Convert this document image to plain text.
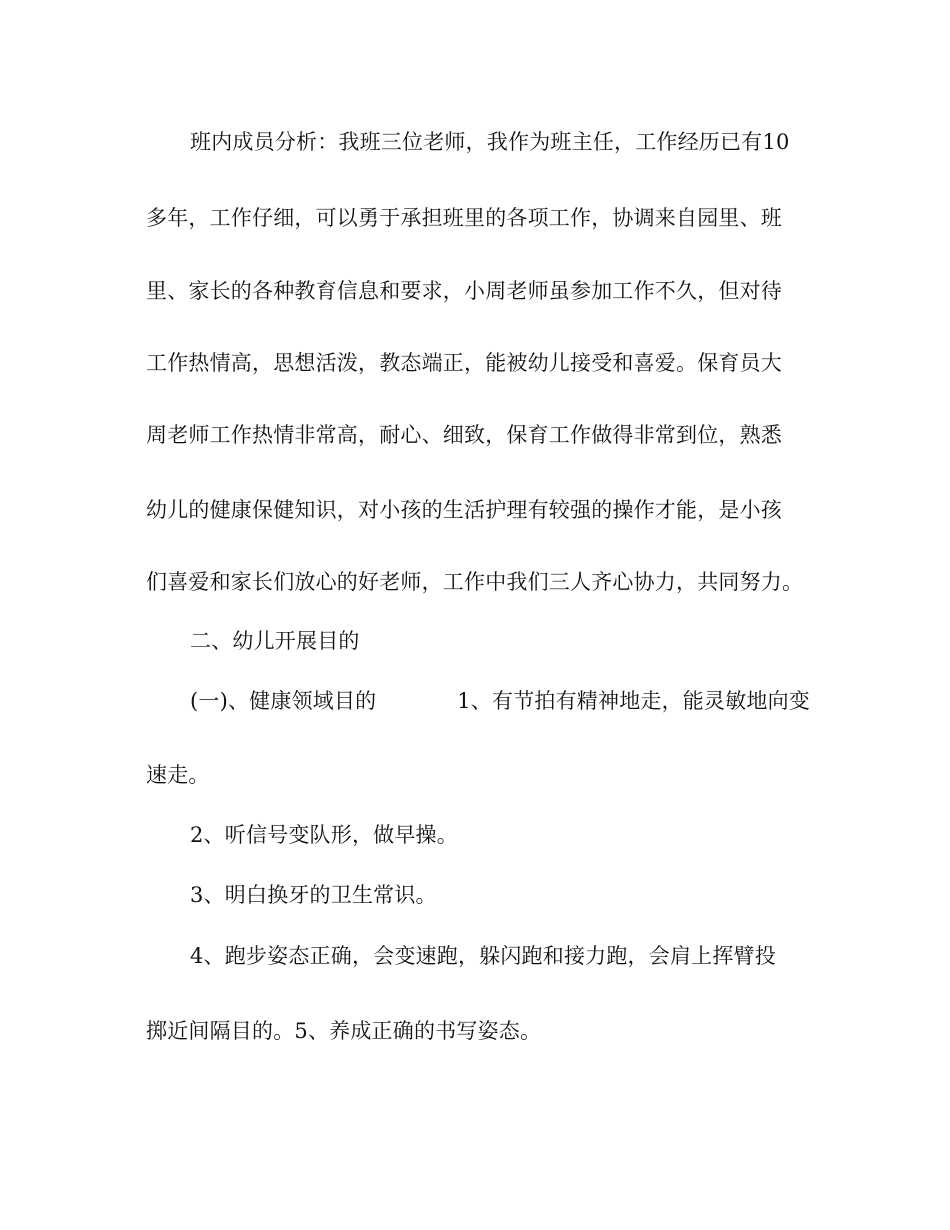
班内成员分析：我班三位老师，我作为班主任，工作经历已有10
多年，工作仔细，可以勇于承担班里的各项工作，协调来自园里、班
里、家长的各种教育信息和要求，小周老师虽参加工作不久，但对待
工作热情高，思想活泼，教态端正，能被幼儿接受和喜爱。保育员大
周老师工作热情非常高，耐心、细致，保育工作做得非常到位，熟悉
幼儿的健康保健知识，对小孩的生活护理有较强的操作才能，是小孩
们喜爱和家长们放心的好老师，工作中我们三人齐心协力，共同努力。
二、幼儿开展目的
(一)、健康领域目的	1、有节拍有精神地走，能灵敏地向变
速走。
2、听信号变队形，做早操。
3、明白换牙的卫生常识。
4、跑步姿态正确，会变速跑，躲闪跑和接力跑，会肩上挥臂投
掷近间隔目的。5、养成正确的书写姿态。
